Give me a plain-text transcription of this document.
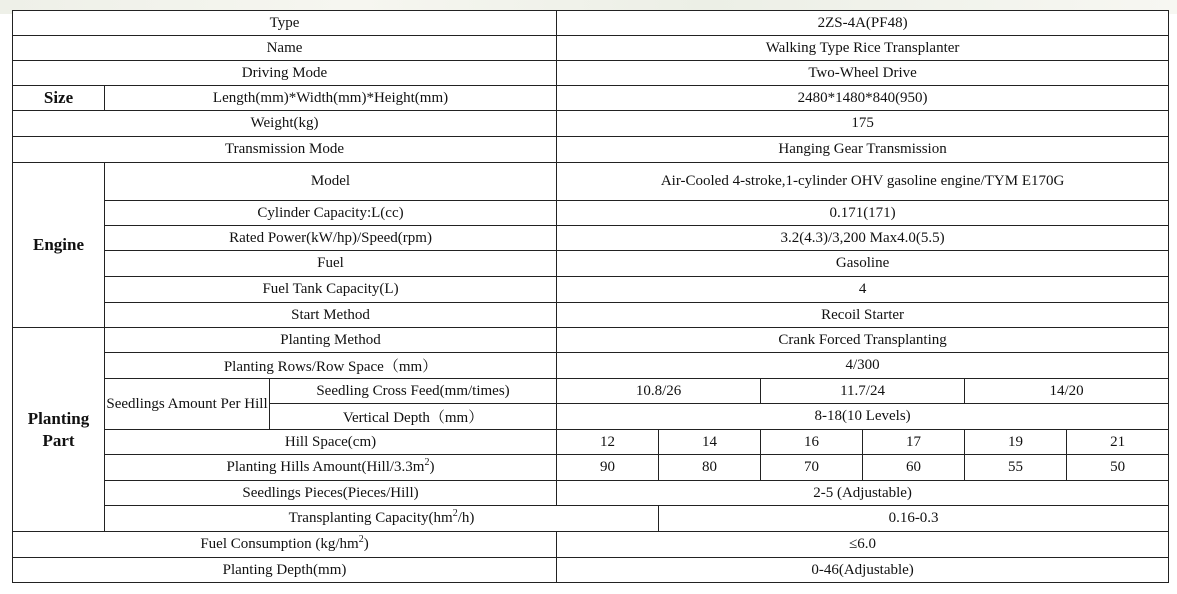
Type			2ZS-4A(PF48)					
Name			Walking Type Rice Transplanter					
Driving Mode			Two-Wheel Drive					
Size	Length(mm)*Width(mm)*Height(mm)		2480*1480*840(950)					
Weight(kg)			175					
Transmission Mode			Hanging Gear Transmission					
Engine	Model		Air-Cooled 4-stroke,1-cylinder OHV gasoline engine/TYM E170G					
	Cylinder Capacity:L(cc)		0.171(171)					
	Rated Power(kW/hp)/Speed(rpm)		3.2(4.3)/3,200 Max4.0(5.5)					
	Fuel		Gasoline					
	Fuel Tank Capacity(L)		4					
	Start Method		Recoil Starter					
Planting Part	Planting Method		Crank Forced Transplanting					
	Planting Rows/Row Space（mm）		4/300					
	Seedlings Amount Per Hill	Seedling Cross Feed(mm/times)	10.8/26		11.7/24		14/20	
		Vertical Depth（mm）	8-18(10 Levels)					
	Hill Space(cm)		12	14	16	17	19	21
	Planting Hills $Amount(Hill/3.3m^2)$		90	80	70	60	55	50
	Seedlings Pieces(Pieces/Hill)		2-5 (Adjustable)					
	Transplanting $Capacity(hm^2/h)$			0.16-0.3				
Fuel Consumption $(kg/hm^2)$			≤6.0					
Planting Depth(mm)			0-46(Adjustable)					
